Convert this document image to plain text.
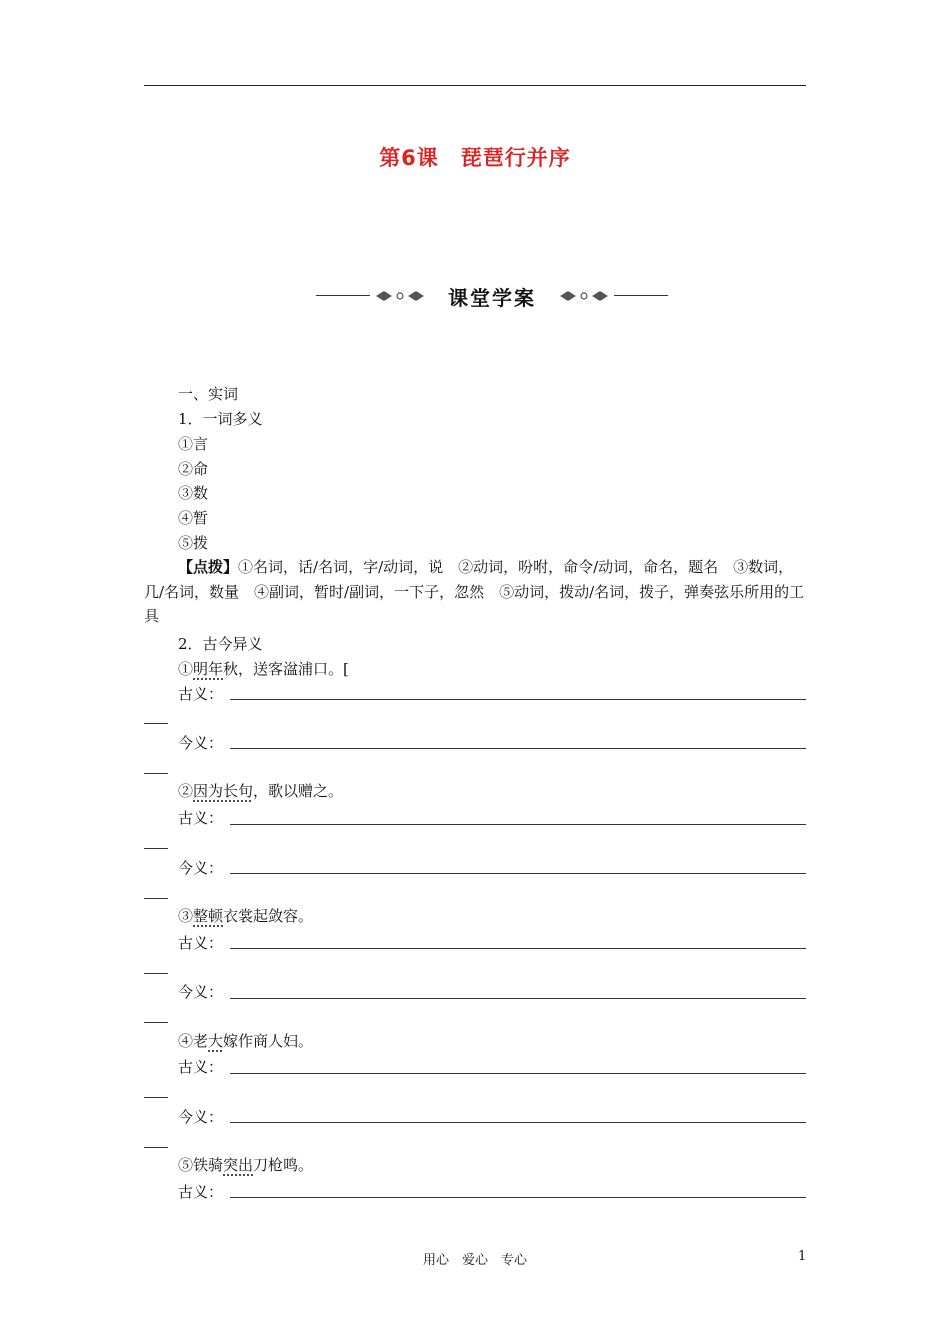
第6课　琵琶行并序
课堂学案
一、实词
1．一词多义
①言
②命
③数
④暂
⑤拨
【点拨】①名词，话/名词，字/动词，说　②动词，吩咐，命令/动词，命名，题名　③数词，几/名词，数量　④副词，暂时/副词，一下子，忽然　⑤动词，拨动/名词，拨子，弹奏弦乐所用的工具
2．古今异义
①明年秋，送客湓浦口。[
古义：
今义：
②因为长句，歌以赠之。
古义：
今义：
③整顿衣裳起敛容。
古义：
今义：
④老大嫁作商人妇。
古义：
今义：
⑤铁骑突出刀枪鸣。
古义：
用心　爱心　专心	1
